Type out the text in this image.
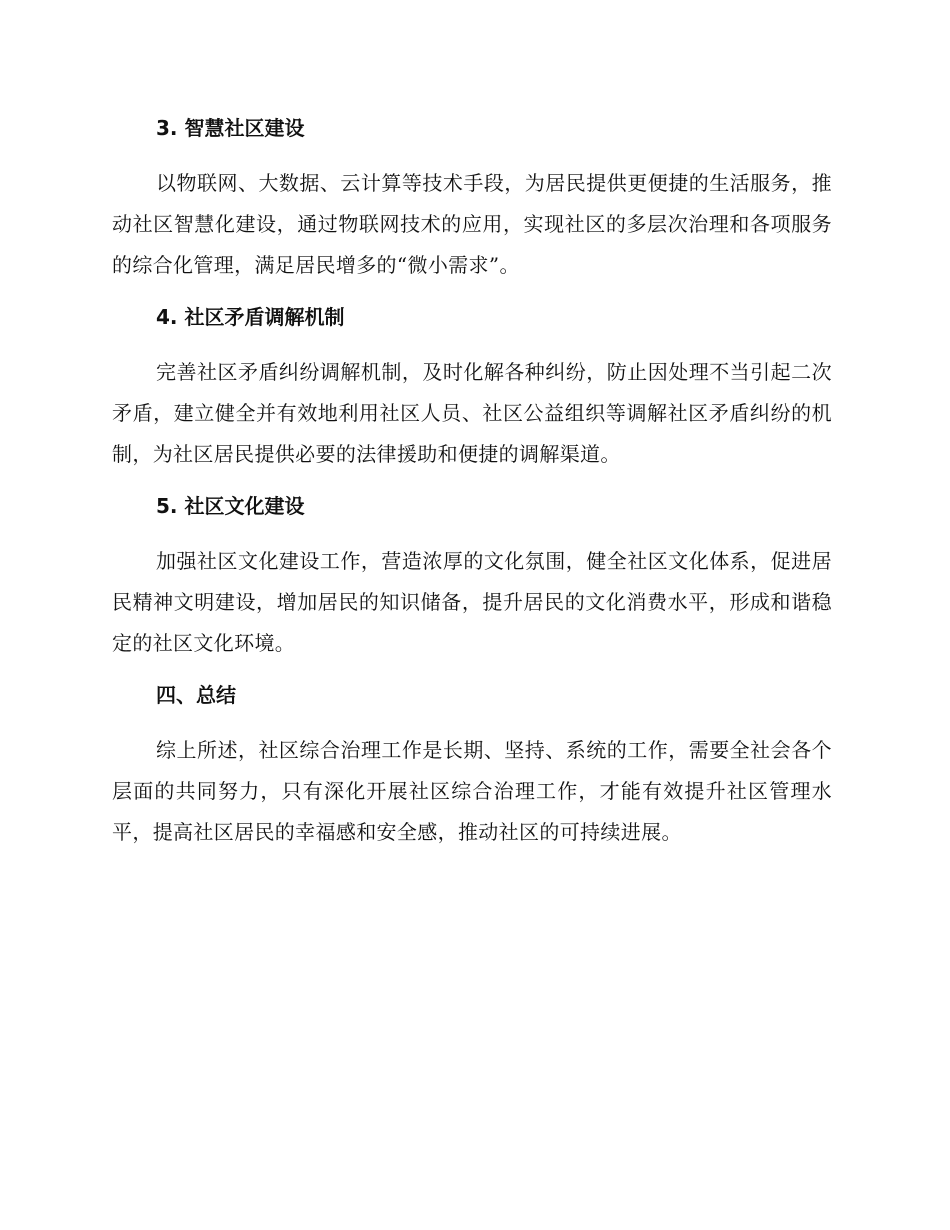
3. 智慧社区建设

以物联网、大数据、云计算等技术手段，为居民提供更便捷的生活服务，推动社区智慧化建设，通过物联网技术的应用，实现社区的多层次治理和各项服务的综合化管理，满足居民增多的“微小需求”。

4. 社区矛盾调解机制

完善社区矛盾纠纷调解机制，及时化解各种纠纷，防止因处理不当引起二次矛盾，建立健全并有效地利用社区人员、社区公益组织等调解社区矛盾纠纷的机制，为社区居民提供必要的法律援助和便捷的调解渠道。

5. 社区文化建设

加强社区文化建设工作，营造浓厚的文化氛围，健全社区文化体系，促进居民精神文明建设，增加居民的知识储备，提升居民的文化消费水平，形成和谐稳定的社区文化环境。

四、总结

综上所述，社区综合治理工作是长期、坚持、系统的工作，需要全社会各个层面的共同努力，只有深化开展社区综合治理工作，才能有效提升社区管理水平，提高社区居民的幸福感和安全感，推动社区的可持续进展。
